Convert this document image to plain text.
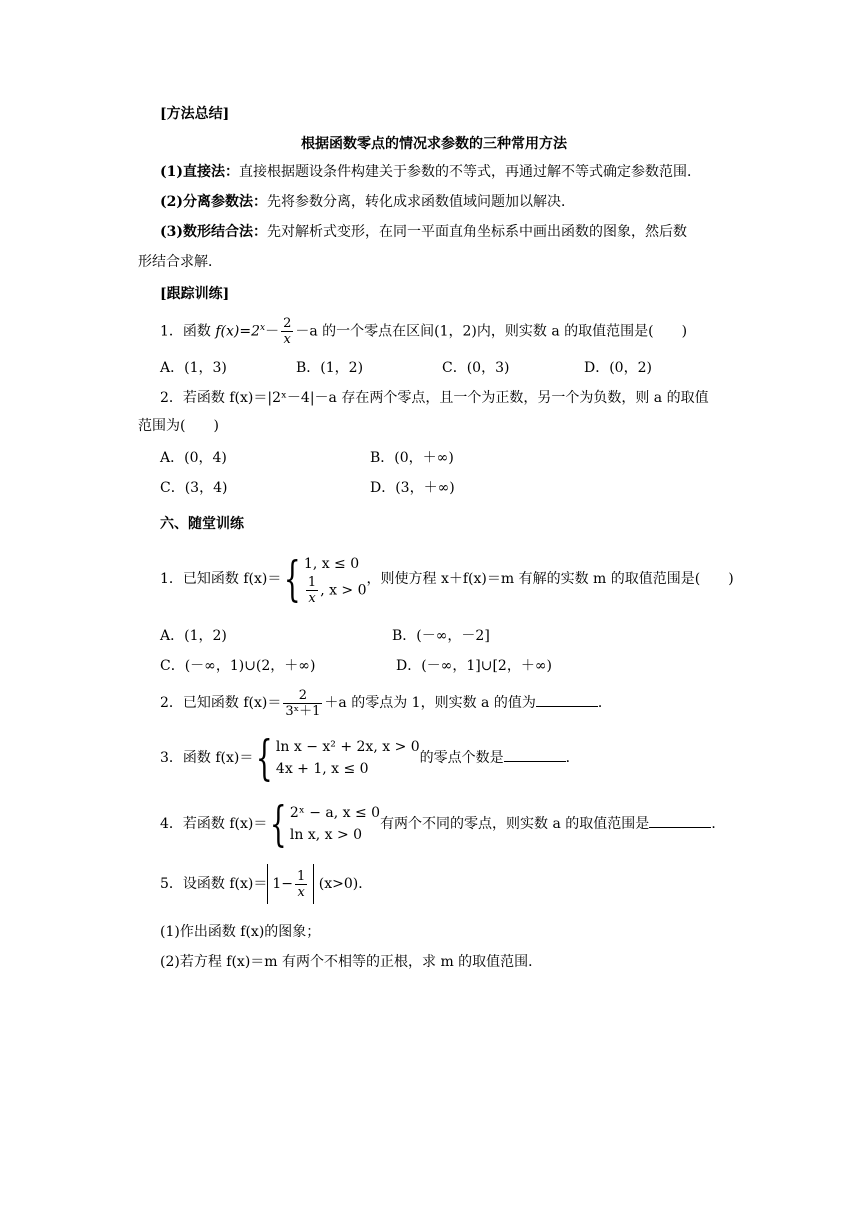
[方法总结]
根据函数零点的情况求参数的三种常用方法
(1)直接法：直接根据题设条件构建关于参数的不等式，再通过解不等式确定参数范围．
(2)分离参数法：先将参数分离，转化成求函数值域问题加以解决．
(3)数形结合法：先对解析式变形，在同一平面直角坐标系中画出函数的图象，然后数
形结合求解．
[跟踪训练]
1．函数 $f(x)=2^x- \frac{2}{x} -a$ 的一个零点在区间(1，2)内，则实数 a 的取值范围是(　　)
A．(1，3)	B．(1，2)	C．(0，3)	D．(0，2)
2．若函数 f(x)＝|2ˣ－4|－a 存在两个零点，且一个为正数，另一个为负数，则 a 的取值
范围为(　　)
A．(0，4)	B．(0，＋∞)
C．(3，4)	D．(3，＋∞)
六、随堂训练
1．已知函数 f(x)＝{ 1, x ≤ 0
$\frac{1}{x}$ , x > 0
，则使方程 x＋f(x)＝m 有解的实数 m 的取值范围是(　　)
A．(1，2)	B．(－∞，－2]
C．(－∞，1)∪(2，＋∞)	D．(－∞，1]∪[2，＋∞)
2．已知函数 $f(x)= \frac{2}{\text{3ˣ＋1}} +a$ 的零点为 1，则实数 a 的值为	．
3．函数 f(x)＝{ ln x − x² + 2x, x > 0
4x + 1, x ≤ 0
的零点个数是	．
4．若函数 f(x)＝{ 2ˣ − a, x ≤ 0
ln x, x > 0
有两个不同的零点，则实数 a 的取值范围是	．
5．设函数 $f(x)= 1- \frac{1}{x} (x>0)$．
(1)作出函数 f(x)的图象；
(2)若方程 f(x)＝m 有两个不相等的正根，求 m 的取值范围．
